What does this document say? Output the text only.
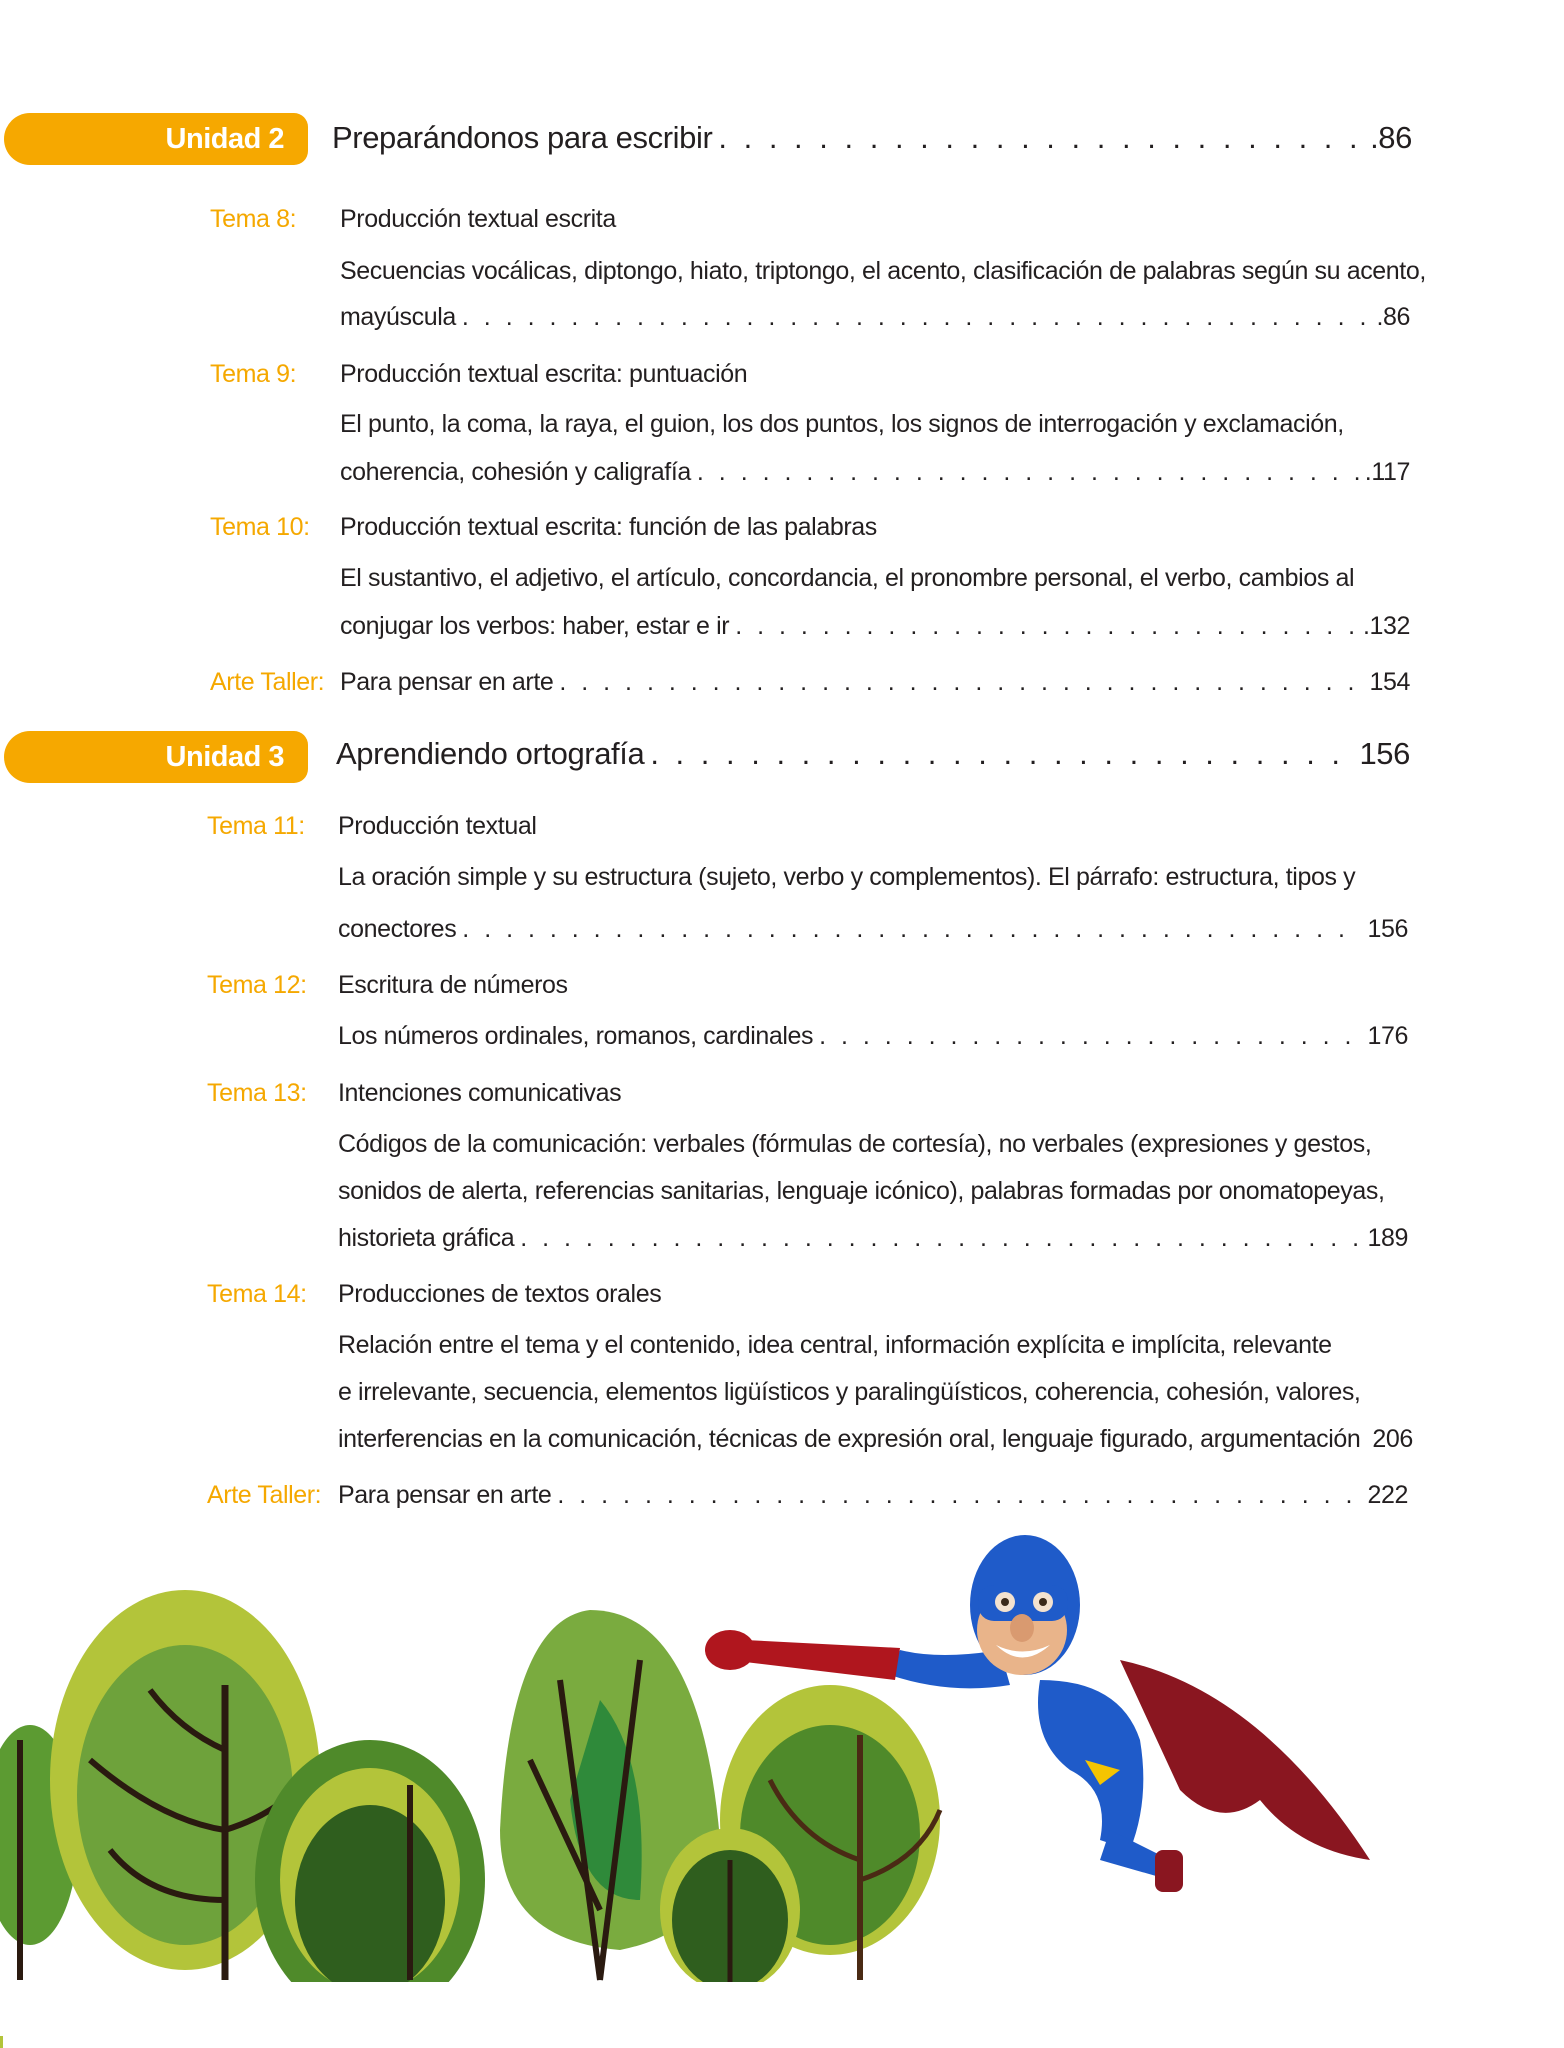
Unidad 2 Preparándonos para escribir . . .	.86
Tema 8: Producción textual escrita
Secuencias vocálicas, diptongo, hiato, triptongo, el acento, clasificación de palabras según su acento,
mayúscula . . .	.86
Tema 9: Producción textual escrita: puntuación
El punto, la coma, la raya, el guion, los dos puntos, los signos de interrogación y exclamación,
coherencia, cohesión y caligrafía . . .	.117
Tema 10: Producción textual escrita: función de las palabras
El sustantivo, el adjetivo, el artículo, concordancia, el pronombre personal, el verbo, cambios al
conjugar los verbos: haber, estar e ir . . .	.132
Arte Taller: Para pensar en arte . . .	154
Unidad 3 Aprendiendo ortografía . . .	156
Tema 11: Producción textual
La oración simple y su estructura (sujeto, verbo y complementos). El párrafo: estructura, tipos y
conectores . . .	156
Tema 12: Escritura de números
Los números ordinales, romanos, cardinales . . .	176
Tema 13: Intenciones comunicativas
Códigos de la comunicación: verbales (fórmulas de cortesía), no verbales (expresiones y gestos,
sonidos de alerta, referencias sanitarias, lenguaje icónico), palabras formadas por onomatopeyas,
historieta gráfica . . .	189
Tema 14: Producciones de textos orales
Relación entre el tema y el contenido, idea central, información explícita e implícita, relevante
e irrelevante, secuencia, elementos ligüísticos y paralingüísticos, coherencia, cohesión, valores,
interferencias en la comunicación, técnicas de expresión oral, lenguaje figurado, argumentación 206
Arte Taller: Para pensar en arte . . .	222
